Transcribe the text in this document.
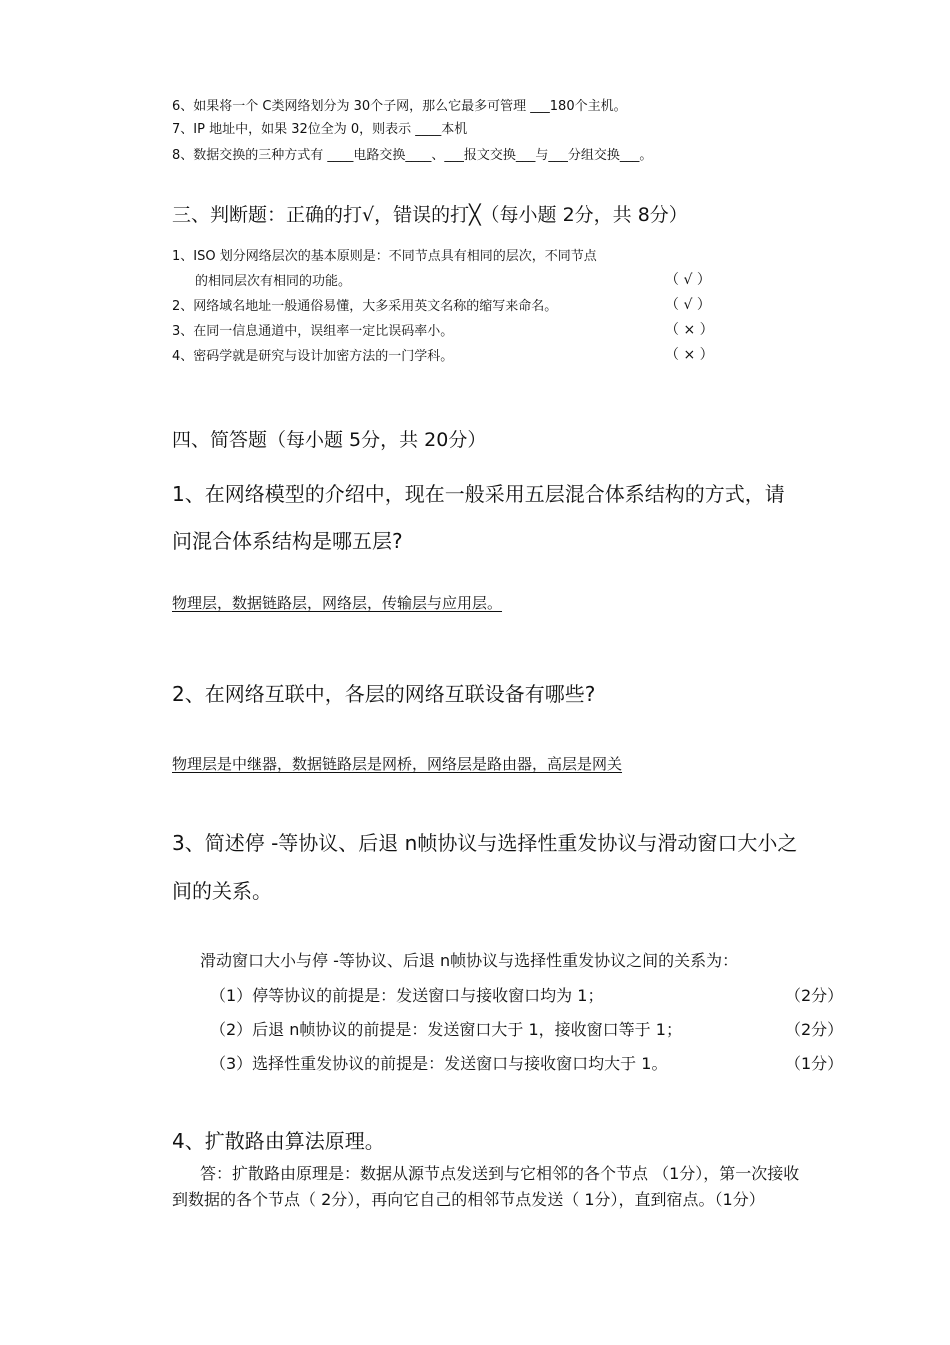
6、如果将一个 C类网络划分为 30个子网，那么它最多可管理 ___180个主机。
7、IP 地址中，如果 32位全为 0，则表示 ____本机
8、数据交换的三种方式有 ____电路交换____、___报文交换___与___分组交换___。
三、判断题：正确的打√，错误的打╳（每小题 2分，共 8分）
1、ISO 划分网络层次的基本原则是：不同节点具有相同的层次，不同节点
的相同层次有相同的功能。	（ √ ）
2、网络域名地址一般通俗易懂，大多采用英文名称的缩写来命名。	（ √ ）
3、在同一信息通道中，误组率一定比误码率小。	（ × ）
4、密码学就是研究与设计加密方法的一门学科。	（ × ）
四、简答题（每小题 5分，共 20分）
1、在网络模型的介绍中，现在一般采用五层混合体系结构的方式，请
问混合体系结构是哪五层?
物理层，数据链路层，网络层，传输层与应用层。
2、在网络互联中，各层的网络互联设备有哪些?
物理层是中继器，数据链路层是网桥，网络层是路由器，高层是网关
3、简述停 -等协议、后退 n帧协议与选择性重发协议与滑动窗口大小之
间的关系。
滑动窗口大小与停 -等协议、后退 n帧协议与选择性重发协议之间的关系为：
（1）停等协议的前提是：发送窗口与接收窗口均为 1；	（2分）
（2）后退 n帧协议的前提是：发送窗口大于 1，接收窗口等于 1；	（2分）
（3）选择性重发协议的前提是：发送窗口与接收窗口均大于 1。	（1分）
4、扩散路由算法原理。
答：扩散路由原理是：数据从源节点发送到与它相邻的各个节点 （1分），第一次接收
到数据的各个节点（ 2分），再向它自己的相邻节点发送（ 1分），直到宿点。（1分）
